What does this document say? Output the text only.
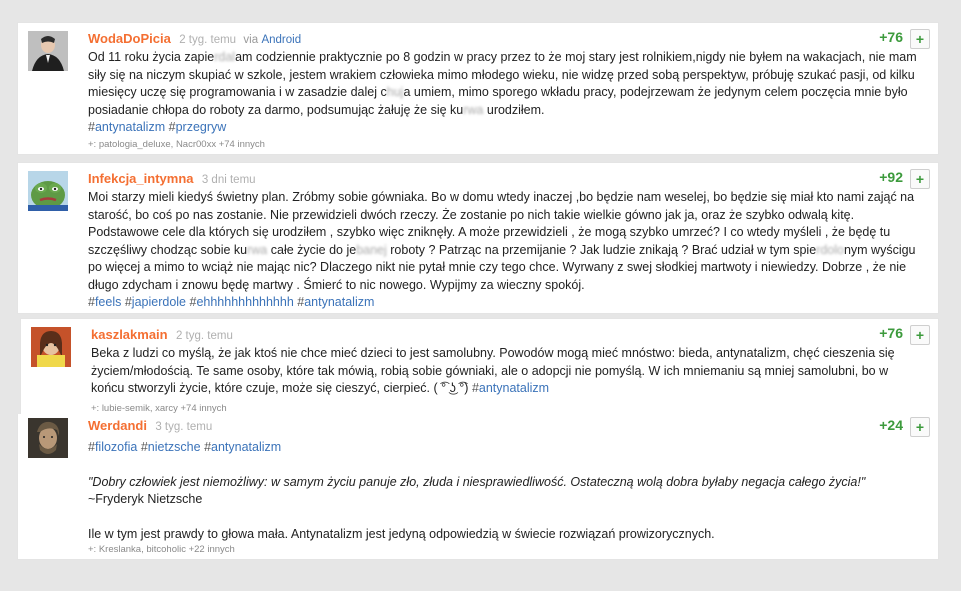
WodaDoPicia 2 tyg. temu via Android	+76 +

Od 11 roku życia zapierdalam codziennie praktycznie po 8 godzin w pracy przez to że moj stary jest rolnikiem,nigdy nie byłem na wakacjach, nie mam siły się na niczym skupiać w szkole, jestem wrakiem człowieka mimo młodego wieku, nie widzę przed sobą perspektyw, próbuję szukać pasji, od kilku miesięcy uczę się programowania i w zasadzie dalej chuja umiem, mimo sporego wkładu pracy, podejrzewam że jedynym celem poczęcia mnie było posiadanie chłopa do roboty za darmo, podsumując żałuję że się kurwa urodziłem.

#antynatalizm #przegryw

+: patologia_deluxe, Nacr00xx +74 innych
Infekcja_intymna 3 dni temu	+92 +

Moi starzy mieli kiedyś świetny plan. Zróbmy sobie gówniaka. Bo w domu wtedy inaczej ,bo będzie nam weselej, bo będzie się miał kto nami zająć na starość, bo coś po nas zostanie. Nie przewidzieli dwóch rzeczy. Że zostanie po nich takie wielkie gówno jak ja, oraz że szybko odwalą kitę. Podstawowe cele dla których się urodziłem , szybko więc zniknęły. A może przewidzieli , że mogą szybko umrzeć? I co wtedy myśleli , że będę tu szczęśliwy chodząc sobie kurwa całe życie do jebanej roboty ? Patrząc na przemijanie ? Jak ludzie znikają ? Brać udział w tym spierdolonym wyścigu po więcej a mimo to wciąż nie mając nic? Dlaczego nikt nie pytał mnie czy tego chce. Wyrwany z swej słodkiej martwoty i niewiedzy. Dobrze , że nie długo zdycham i znowu będę martwy . Śmierć to nic nowego. Wypijmy za wieczny spokój.

#feels #japierdole #ehhhhhhhhhhhhh #antynatalizm

kaszlakmain 2 tyg. temu	+76 +

Beka z ludzi co myślą, że jak ktoś nie chce mieć dzieci to jest samolubny. Powodów mogą mieć mnóstwo: bieda, antynatalizm, chęć cieszenia się życiem/młodością. Te same osoby, które tak mówią, robią sobie gówniaki, ale o adopcji nie pomyślą. W ich mniemaniu są mniej samolubni, bo w końcu stworzyli życie, które czuje, może się cieszyć, cierpieć. ( ͡° ͜ʖ ͡°) #antynatalizm

+: lubie-semik, xarcy +74 innych
Werdandi 3 tyg. temu	+24 +

#filozofia #nietzsche #antynatalizm

"Dobry człowiek jest niemożliwy: w samym życiu panuje zło, złuda i niesprawiedliwość. Ostateczną wolą dobra byłaby negacja całego życia!"

~Fryderyk Nietzsche

Ile w tym jest prawdy to głowa mała. Antynatalizm jest jedyną odpowiedzią w świecie rozwiązań prowizorycznych.

+: Kreslanka, bitcoholic +22 innych
